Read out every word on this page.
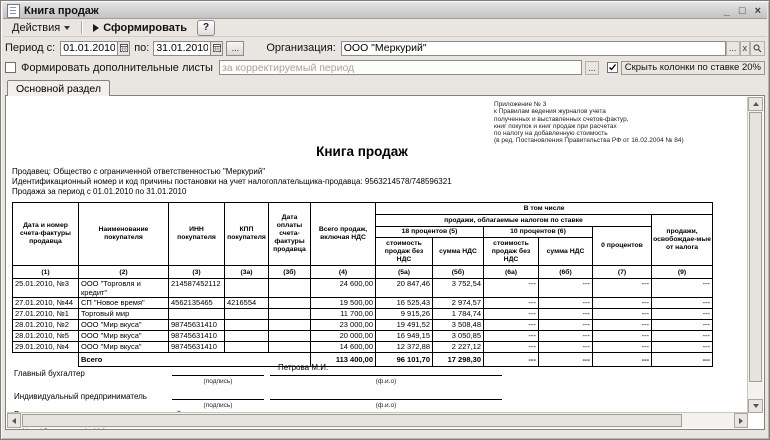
Книга продаж	_ □ ×
Действия	Сформировать	?
Период с:
01.01.2010	по:
31.01.2010	...	Организация:
ООО "Меркурий"	... x
Формировать дополнительные листы
за корректируемый период	...	Скрыть колонки по ставке 20%
Основной раздел
Приложение № 3
к Правилам ведения журналов учета
полученных и выставленных счетов-фактур,
книг покупок и книг продаж при расчетах
по налогу на добавленную стоимость
(в ред. Постановления Правительства РФ от 16.02.2004 № 84)
Книга продаж
Продавец: Общество с ограниченной ответственностью "Меркурий"
Идентификационный номер и код причины постановки на учет налогоплательщика-продавца: 9563214578/748596321
Продажа за период с 01.01.2010 по 31.01.2010
Дата и номер счета-фактуры продавца	Наименование покупателя	ИНН покупателя	КПП покупателя	Дата оплаты счета-фактуры продавца	Всего продаж, включая НДС	В том числе					
						продажи, облагаемые налогом по ставке					продажи, освобождае-мые от налога
						18 процентов (5)		10 процентов (6)		0 процентов	
						стоимость продаж без НДС	сумма НДС	стоимость продаж без НДС	сумма НДС		
(1)	(2)	(3)	(3а)	(3б)	(4)	(5а)	(5б)	(6а)	(6б)	(7)	(9)
25.01.2010, №3	ООО "Торговля и кредит"	214587452112			24 600,00	20 847,46	3 752,54	---	---	---	---
27.01.2010, №44	СП "Новое время"	4562135465	4216554		19 500,00	16 525,43	2 974,57	---	---	---	---
27.01.2010, №1	Торговый мир				11 700,00	9 915,26	1 784,74	---	---	---	---
28.01.2010, №2	ООО "Мир вкуса"	98745631410			23 000,00	19 491,52	3 508,48	---	---	---	---
28.01.2010, №5	ООО "Мир вкуса"	98745631410			20 000,00	16 949,15	3 050,85	---	---	---	---
29.01.2010, №4	ООО "Мир вкуса"	98745631410			14 600,00	12 372,88	2 227,12	---	---	---	---
	Всего				113 400,00	96 101,70	17 298,30	---	---	---	---
Главный бухгалтер
(подпись)
Петрова М.И.
(ф.и.о)
Индивидуальный предприниматель
(подпись)	(ф.и.о)
